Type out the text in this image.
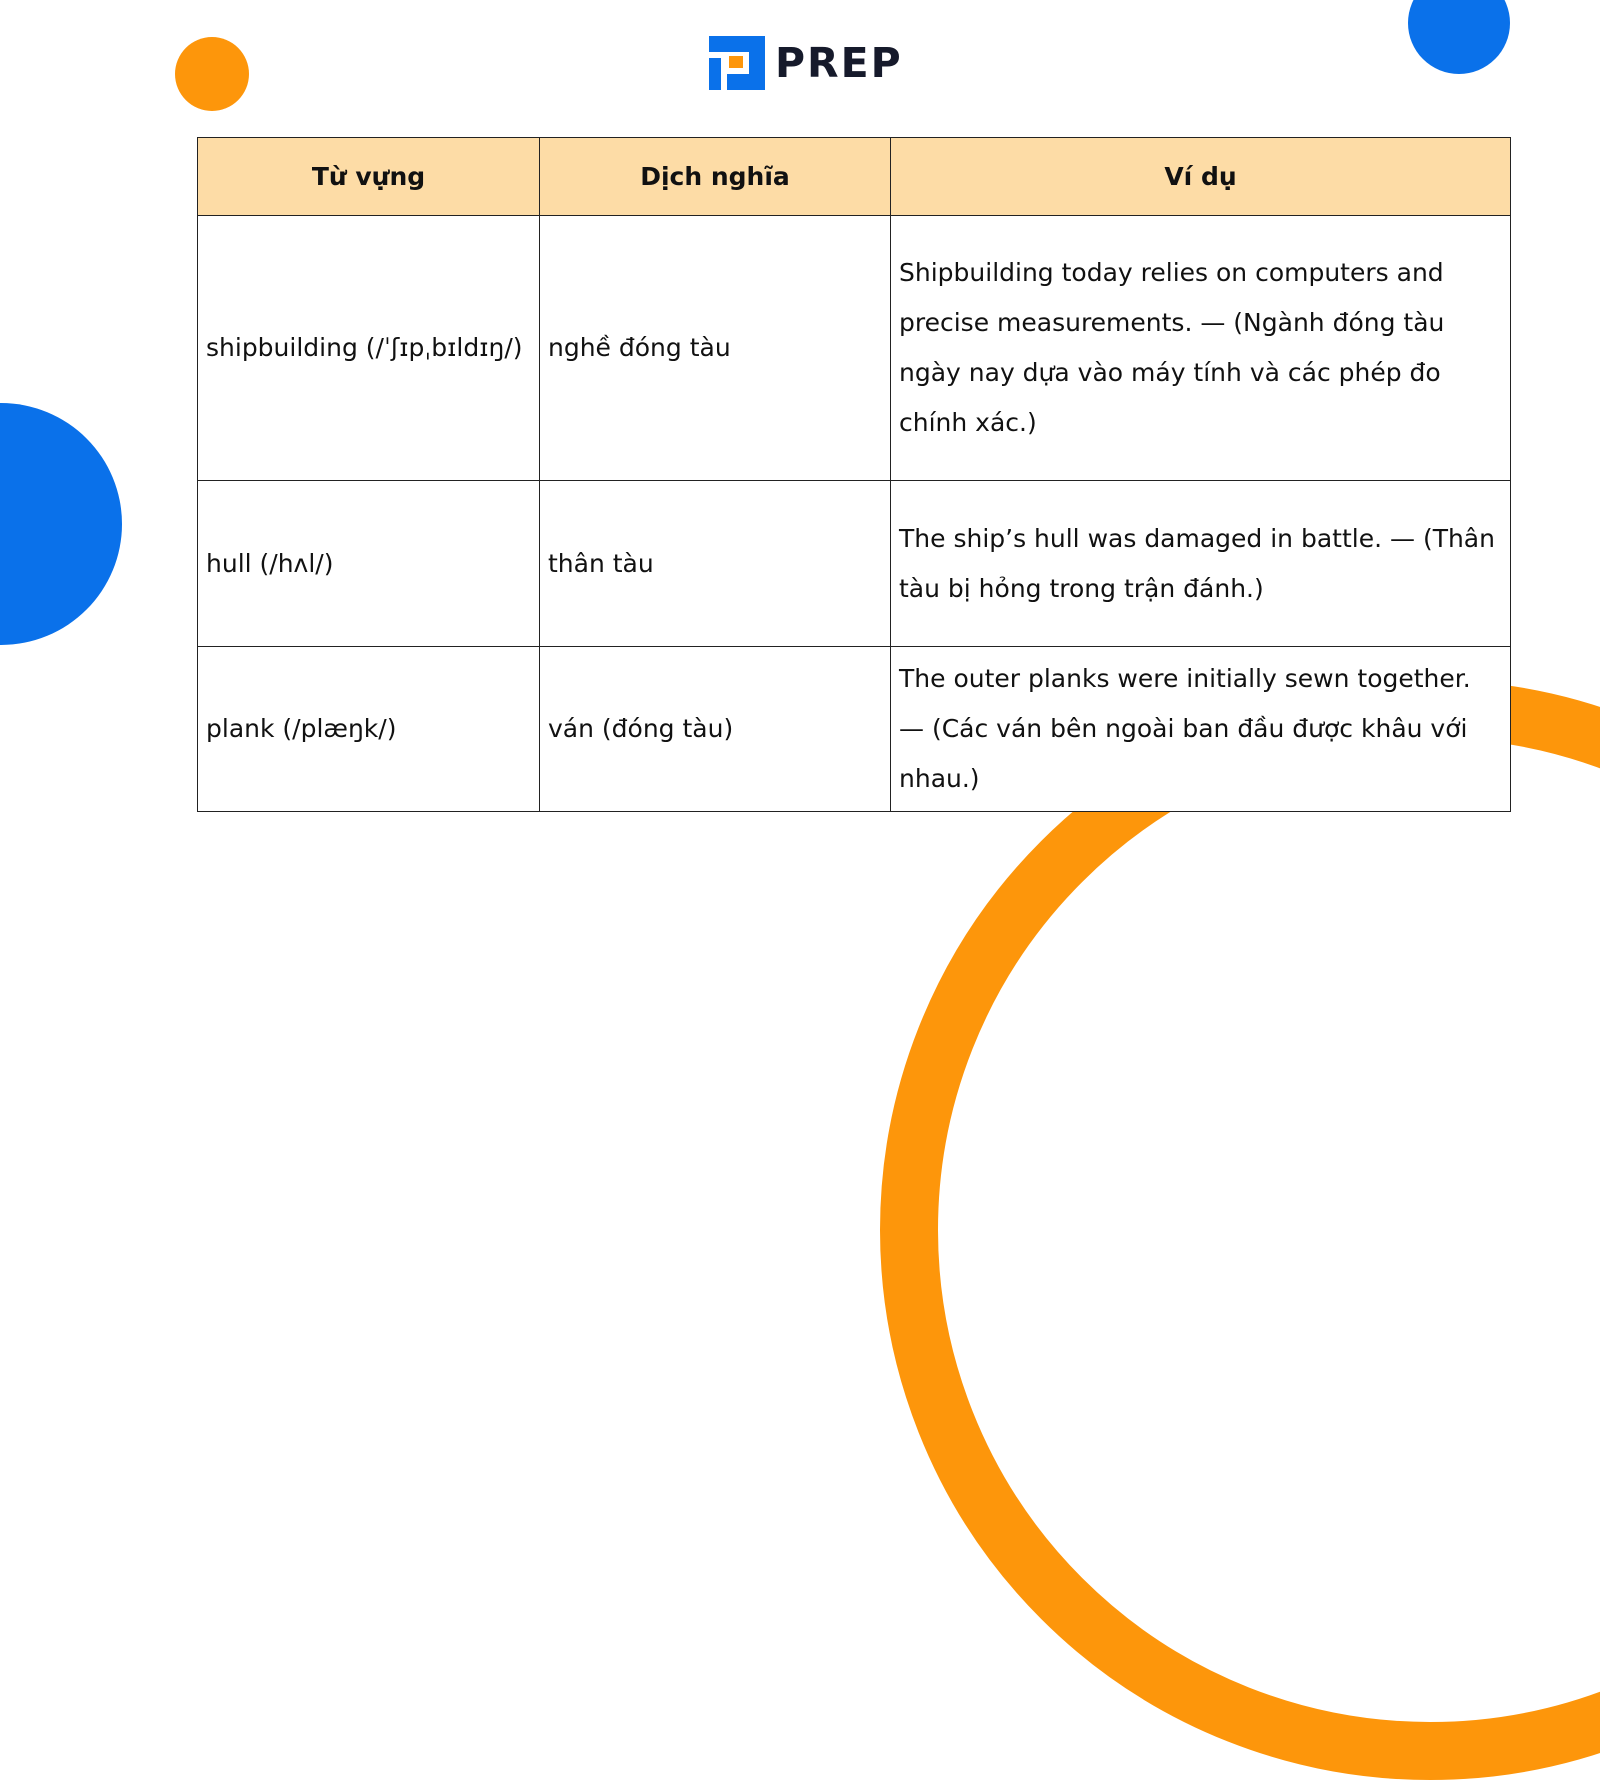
PREP
Từ vựng	Dịch nghĩa	Ví dụ
shipbuilding (/ˈʃɪpˌbɪldɪŋ/)	nghề đóng tàu	Shipbuilding today relies on computers and precise measurements. — (Ngành đóng tàu ngày nay dựa vào máy tính và các phép đo chính xác.)
hull (/hʌl/)	thân tàu	The ship’s hull was damaged in battle. — (Thân tàu bị hỏng trong trận đánh.)
plank (/plæŋk/)	ván (đóng tàu)	The outer planks were initially sewn together. — (Các ván bên ngoài ban đầu được khâu với nhau.)
